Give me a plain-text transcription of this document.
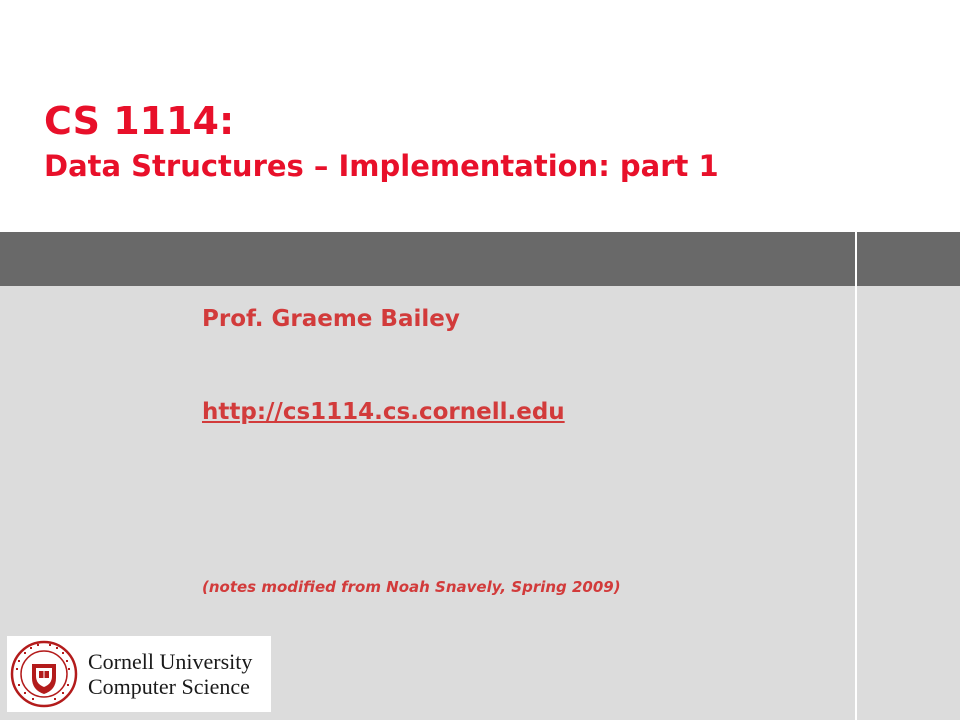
CS 1114:
Data Structures – Implementation: part 1
Prof. Graeme Bailey
http://cs1114.cs.cornell.edu
(notes modified from Noah Snavely, Spring 2009)
Cornell University
Computer Science
